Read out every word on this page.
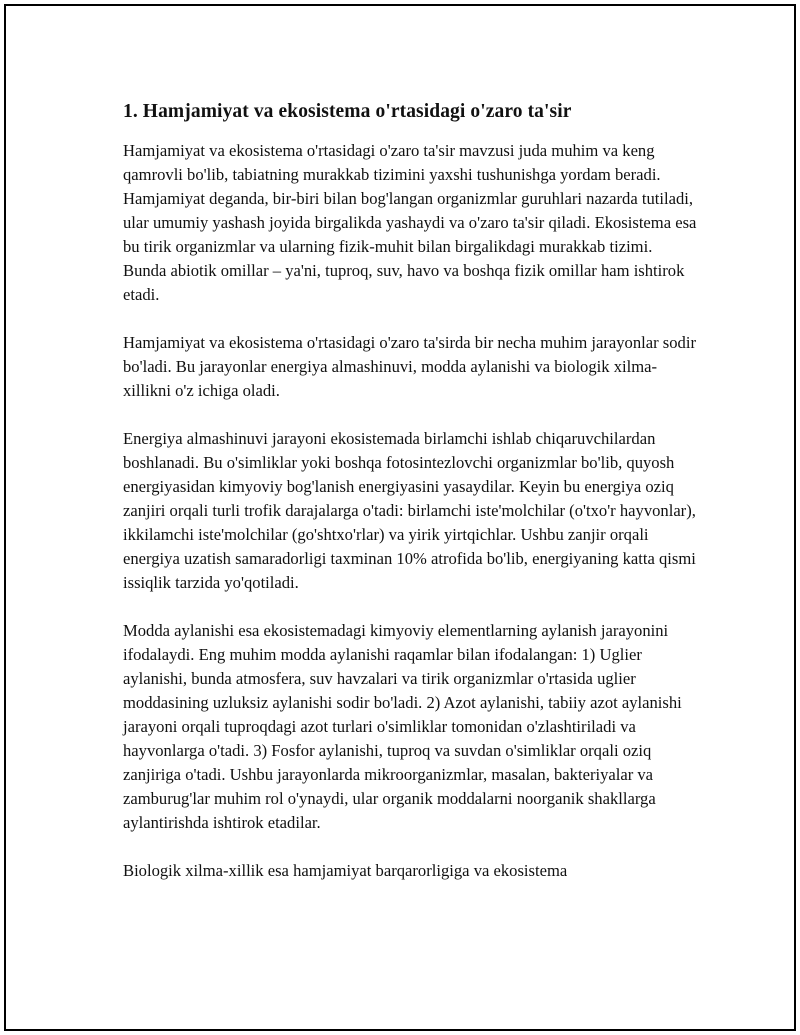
1. Hamjamiyat va ekosistema o'rtasidagi o'zaro ta'sir

Hamjamiyat va ekosistema o'rtasidagi o'zaro ta'sir mavzusi juda muhim va keng qamrovli bo'lib, tabiatning murakkab tizimini yaxshi tushunishga yordam beradi. Hamjamiyat deganda, bir-biri bilan bog'langan organizmlar guruhlari nazarda tutiladi, ular umumiy yashash joyida birgalikda yashaydi va o'zaro ta'sir qiladi. Ekosistema esa bu tirik organizmlar va ularning fizik-muhit bilan birgalikdagi murakkab tizimi. Bunda abiotik omillar – ya'ni, tuproq, suv, havo va boshqa fizik omillar ham ishtirok etadi.

Hamjamiyat va ekosistema o'rtasidagi o'zaro ta'sirda bir necha muhim jarayonlar sodir bo'ladi. Bu jarayonlar energiya almashinuvi, modda aylanishi va biologik xilma-xillikni o'z ichiga oladi.

Energiya almashinuvi jarayoni ekosistemada birlamchi ishlab chiqaruvchilardan boshlanadi. Bu o'simliklar yoki boshqa fotosintezlovchi organizmlar bo'lib, quyosh energiyasidan kimyoviy bog'lanish energiyasini yasaydilar. Keyin bu energiya oziq zanjiri orqali turli trofik darajalarga o'tadi: birlamchi iste'molchilar (o'txo'r hayvonlar), ikkilamchi iste'molchilar (go'shtxo'rlar) va yirik yirtqichlar. Ushbu zanjir orqali energiya uzatish samaradorligi taxminan 10% atrofida bo'lib, energiyaning katta qismi issiqlik tarzida yo'qotiladi.

Modda aylanishi esa ekosistemadagi kimyoviy elementlarning aylanish jarayonini ifodalaydi. Eng muhim modda aylanishi raqamlar bilan ifodalangan: 1) Uglier aylanishi, bunda atmosfera, suv havzalari va tirik organizmlar o'rtasida uglier moddasining uzluksiz aylanishi sodir bo'ladi. 2) Azot aylanishi, tabiiy azot aylanishi jarayoni orqali tuproqdagi azot turlari o'simliklar tomonidan o'zlashtiriladi va hayvonlarga o'tadi. 3) Fosfor aylanishi, tuproq va suvdan o'simliklar orqali oziq zanjiriga o'tadi. Ushbu jarayonlarda mikroorganizmlar, masalan, bakteriyalar va zamburug'lar muhim rol o'ynaydi, ular organik moddalarni noorganik shakllarga aylantirishda ishtirok etadilar.

Biologik xilma-xillik esa hamjamiyat barqarorligiga va ekosistema
